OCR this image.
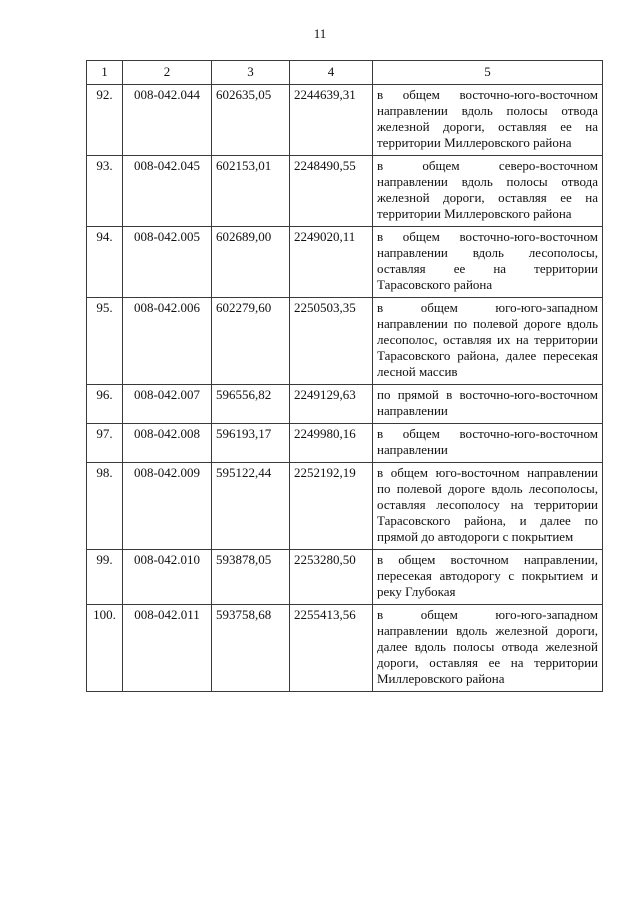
11
1	2	3	4	5
92.	008-042.044	602635,05	2244639,31	в общем восточно-юго-восточном направлении вдоль полосы отвода железной дороги, оставляя ее на территории Миллеровского района
93.	008-042.045	602153,01	2248490,55	в общем северо-восточном направлении вдоль полосы отвода железной дороги, оставляя ее на территории Миллеровского района
94.	008-042.005	602689,00	2249020,11	в общем восточно-юго-восточном направлении вдоль лесополосы, оставляя ее на территории Тарасовского района
95.	008-042.006	602279,60	2250503,35	в общем юго-юго-западном направлении по полевой дороге вдоль лесополос, оставляя их на территории Тарасовского района, далее пересекая лесной массив
96.	008-042.007	596556,82	2249129,63	по прямой в восточно-юго-восточном направлении
97.	008-042.008	596193,17	2249980,16	в общем восточно-юго-восточном направлении
98.	008-042.009	595122,44	2252192,19	в общем юго-восточном направлении по полевой дороге вдоль лесополосы, оставляя лесополосу на территории Тарасовского района, и далее по прямой до автодороги с покрытием
99.	008-042.010	593878,05	2253280,50	в общем восточном направлении, пересекая автодорогу с покрытием и реку Глубокая
100.	008-042.011	593758,68	2255413,56	в общем юго-юго-западном направлении вдоль железной дороги, далее вдоль полосы отвода железной дороги, оставляя ее на территории Миллеровского района
